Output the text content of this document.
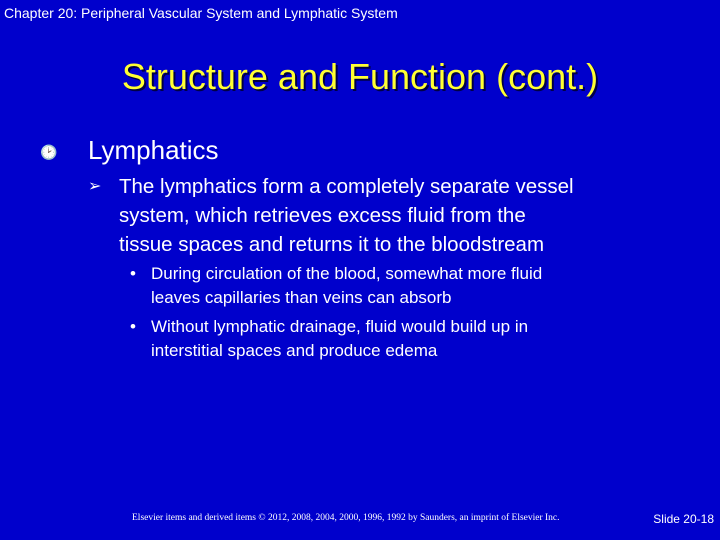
Chapter 20: Peripheral Vascular System and Lymphatic System
Structure and Function (cont.)
🕑 Lymphatics
➢ The lymphatics form a completely separate vessel
system, which retrieves excess fluid from the
tissue spaces and returns it to the bloodstream
• During circulation of the blood, somewhat more fluid
leaves capillaries than veins can absorb
• Without lymphatic drainage, fluid would build up in
interstitial spaces and produce edema
Elsevier items and derived items © 2012, 2008, 2004, 2000, 1996, 1992 by Saunders, an imprint of Elsevier Inc.	Slide 20-18
